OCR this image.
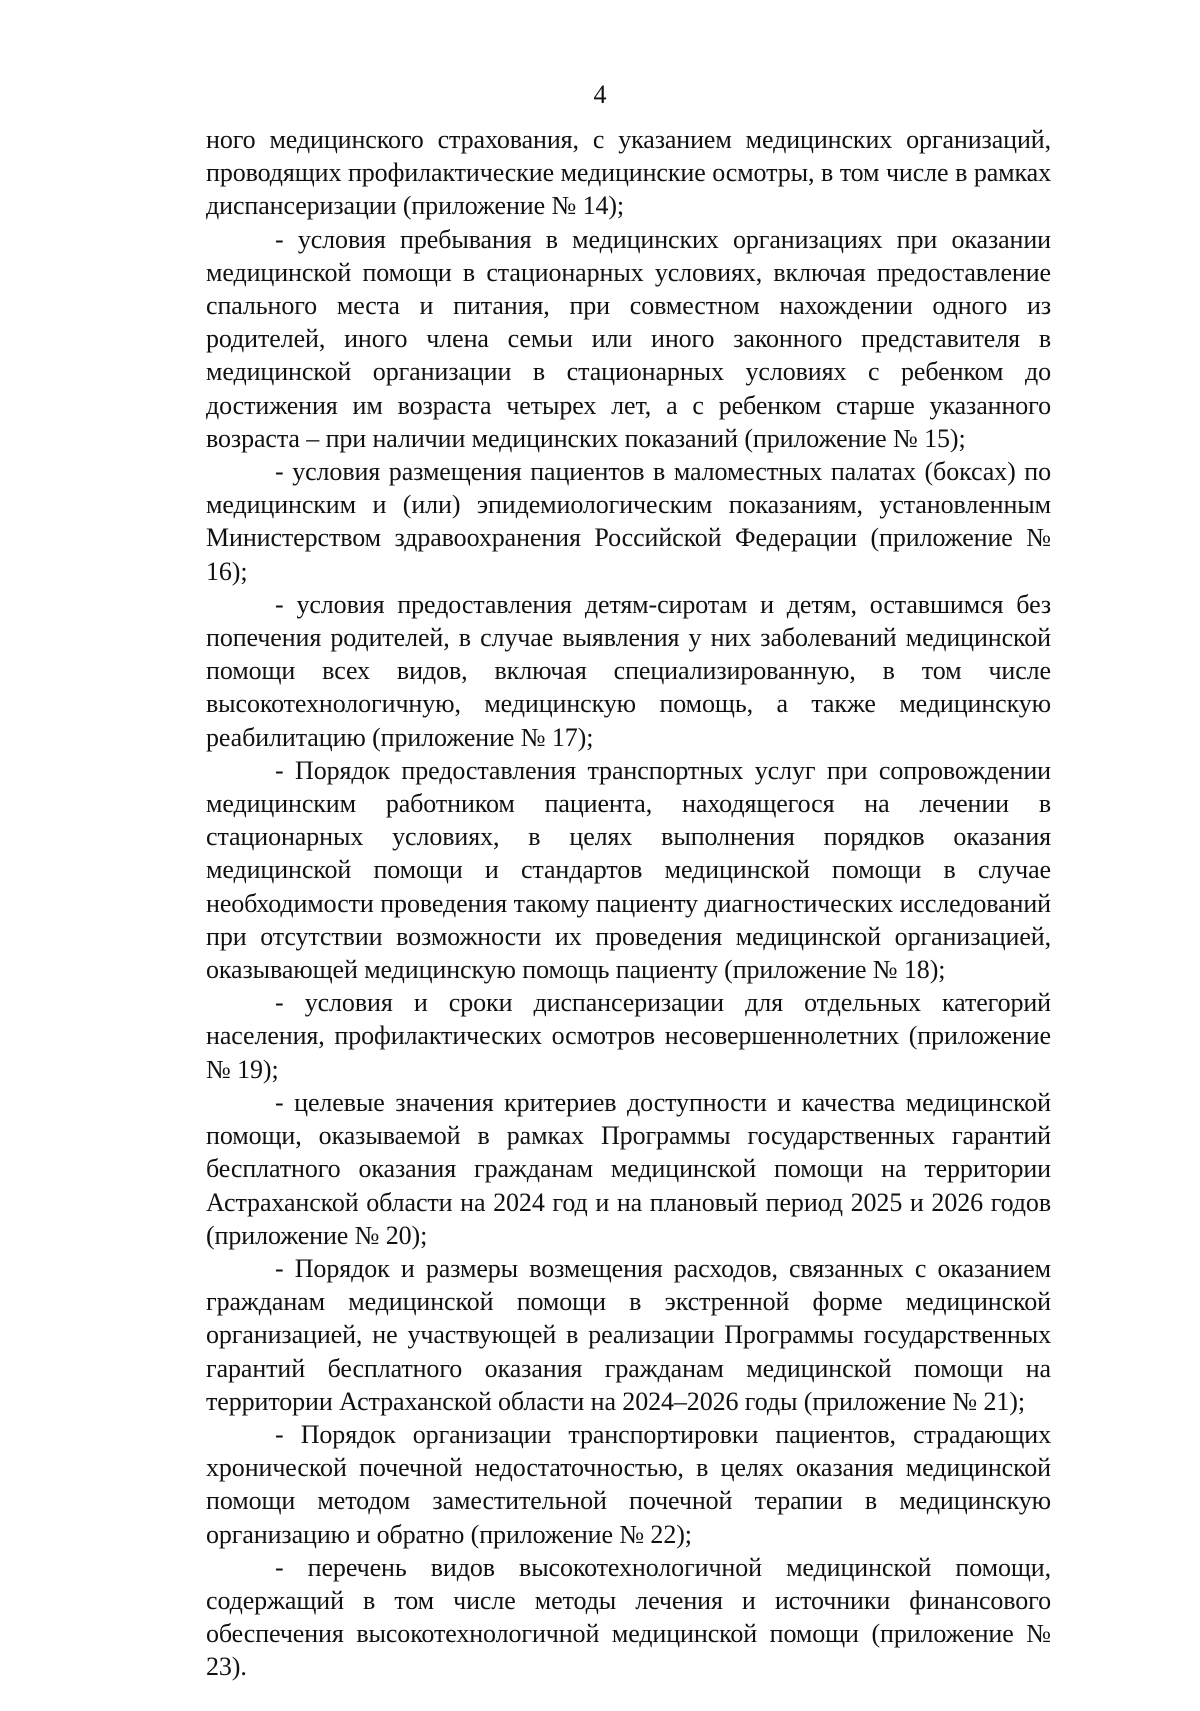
4

ного медицинского страхования, с указанием медицинских организаций, проводящих профилактические медицинские осмотры, в том числе в рамках диспансеризации (приложение № 14);

- условия пребывания в медицинских организациях при оказании медицинской помощи в стационарных условиях, включая предоставление спального места и питания, при совместном нахождении одного из родителей, иного члена семьи или иного законного представителя в медицинской организации в стационарных условиях с ребенком до достижения им возраста четырех лет, а с ребенком старше указанного возраста – при наличии медицинских показаний (приложение № 15);

- условия размещения пациентов в маломестных палатах (боксах) по медицинским и (или) эпидемиологическим показаниям, установленным Министерством здравоохранения Российской Федерации (приложение № 16);

- условия предоставления детям-сиротам и детям, оставшимся без попечения родителей, в случае выявления у них заболеваний медицинской помощи всех видов, включая специализированную, в том числе высокотехнологичную, медицинскую помощь, а также медицинскую реабилитацию (приложение № 17);

- Порядок предоставления транспортных услуг при сопровождении медицинским работником пациента, находящегося на лечении в стационарных условиях, в целях выполнения порядков оказания медицинской помощи и стандартов медицинской помощи в случае необходимости проведения такому пациенту диагностических исследований при отсутствии возможности их проведения медицинской организацией, оказывающей медицинскую помощь пациенту (приложение № 18);

- условия и сроки диспансеризации для отдельных категорий населения, профилактических осмотров несовершеннолетних (приложение № 19);

- целевые значения критериев доступности и качества медицинской помощи, оказываемой в рамках Программы государственных гарантий бесплатного оказания гражданам медицинской помощи на территории Астраханской области на 2024 год и на плановый период 2025 и 2026 годов (приложение № 20);

- Порядок и размеры возмещения расходов, связанных с оказанием гражданам медицинской помощи в экстренной форме медицинской организацией, не участвующей в реализации Программы государственных гарантий бесплатного оказания гражданам медицинской помощи на территории Астраханской области на 2024–2026 годы (приложение № 21);

- Порядок организации транспортировки пациентов, страдающих хронической почечной недостаточностью, в целях оказания медицинской помощи методом заместительной почечной терапии в медицинскую организацию и обратно (приложение № 22);

- перечень видов высокотехнологичной медицинской помощи, содержащий в том числе методы лечения и источники финансового обеспечения высокотехнологичной медицинской помощи (приложение № 23).
